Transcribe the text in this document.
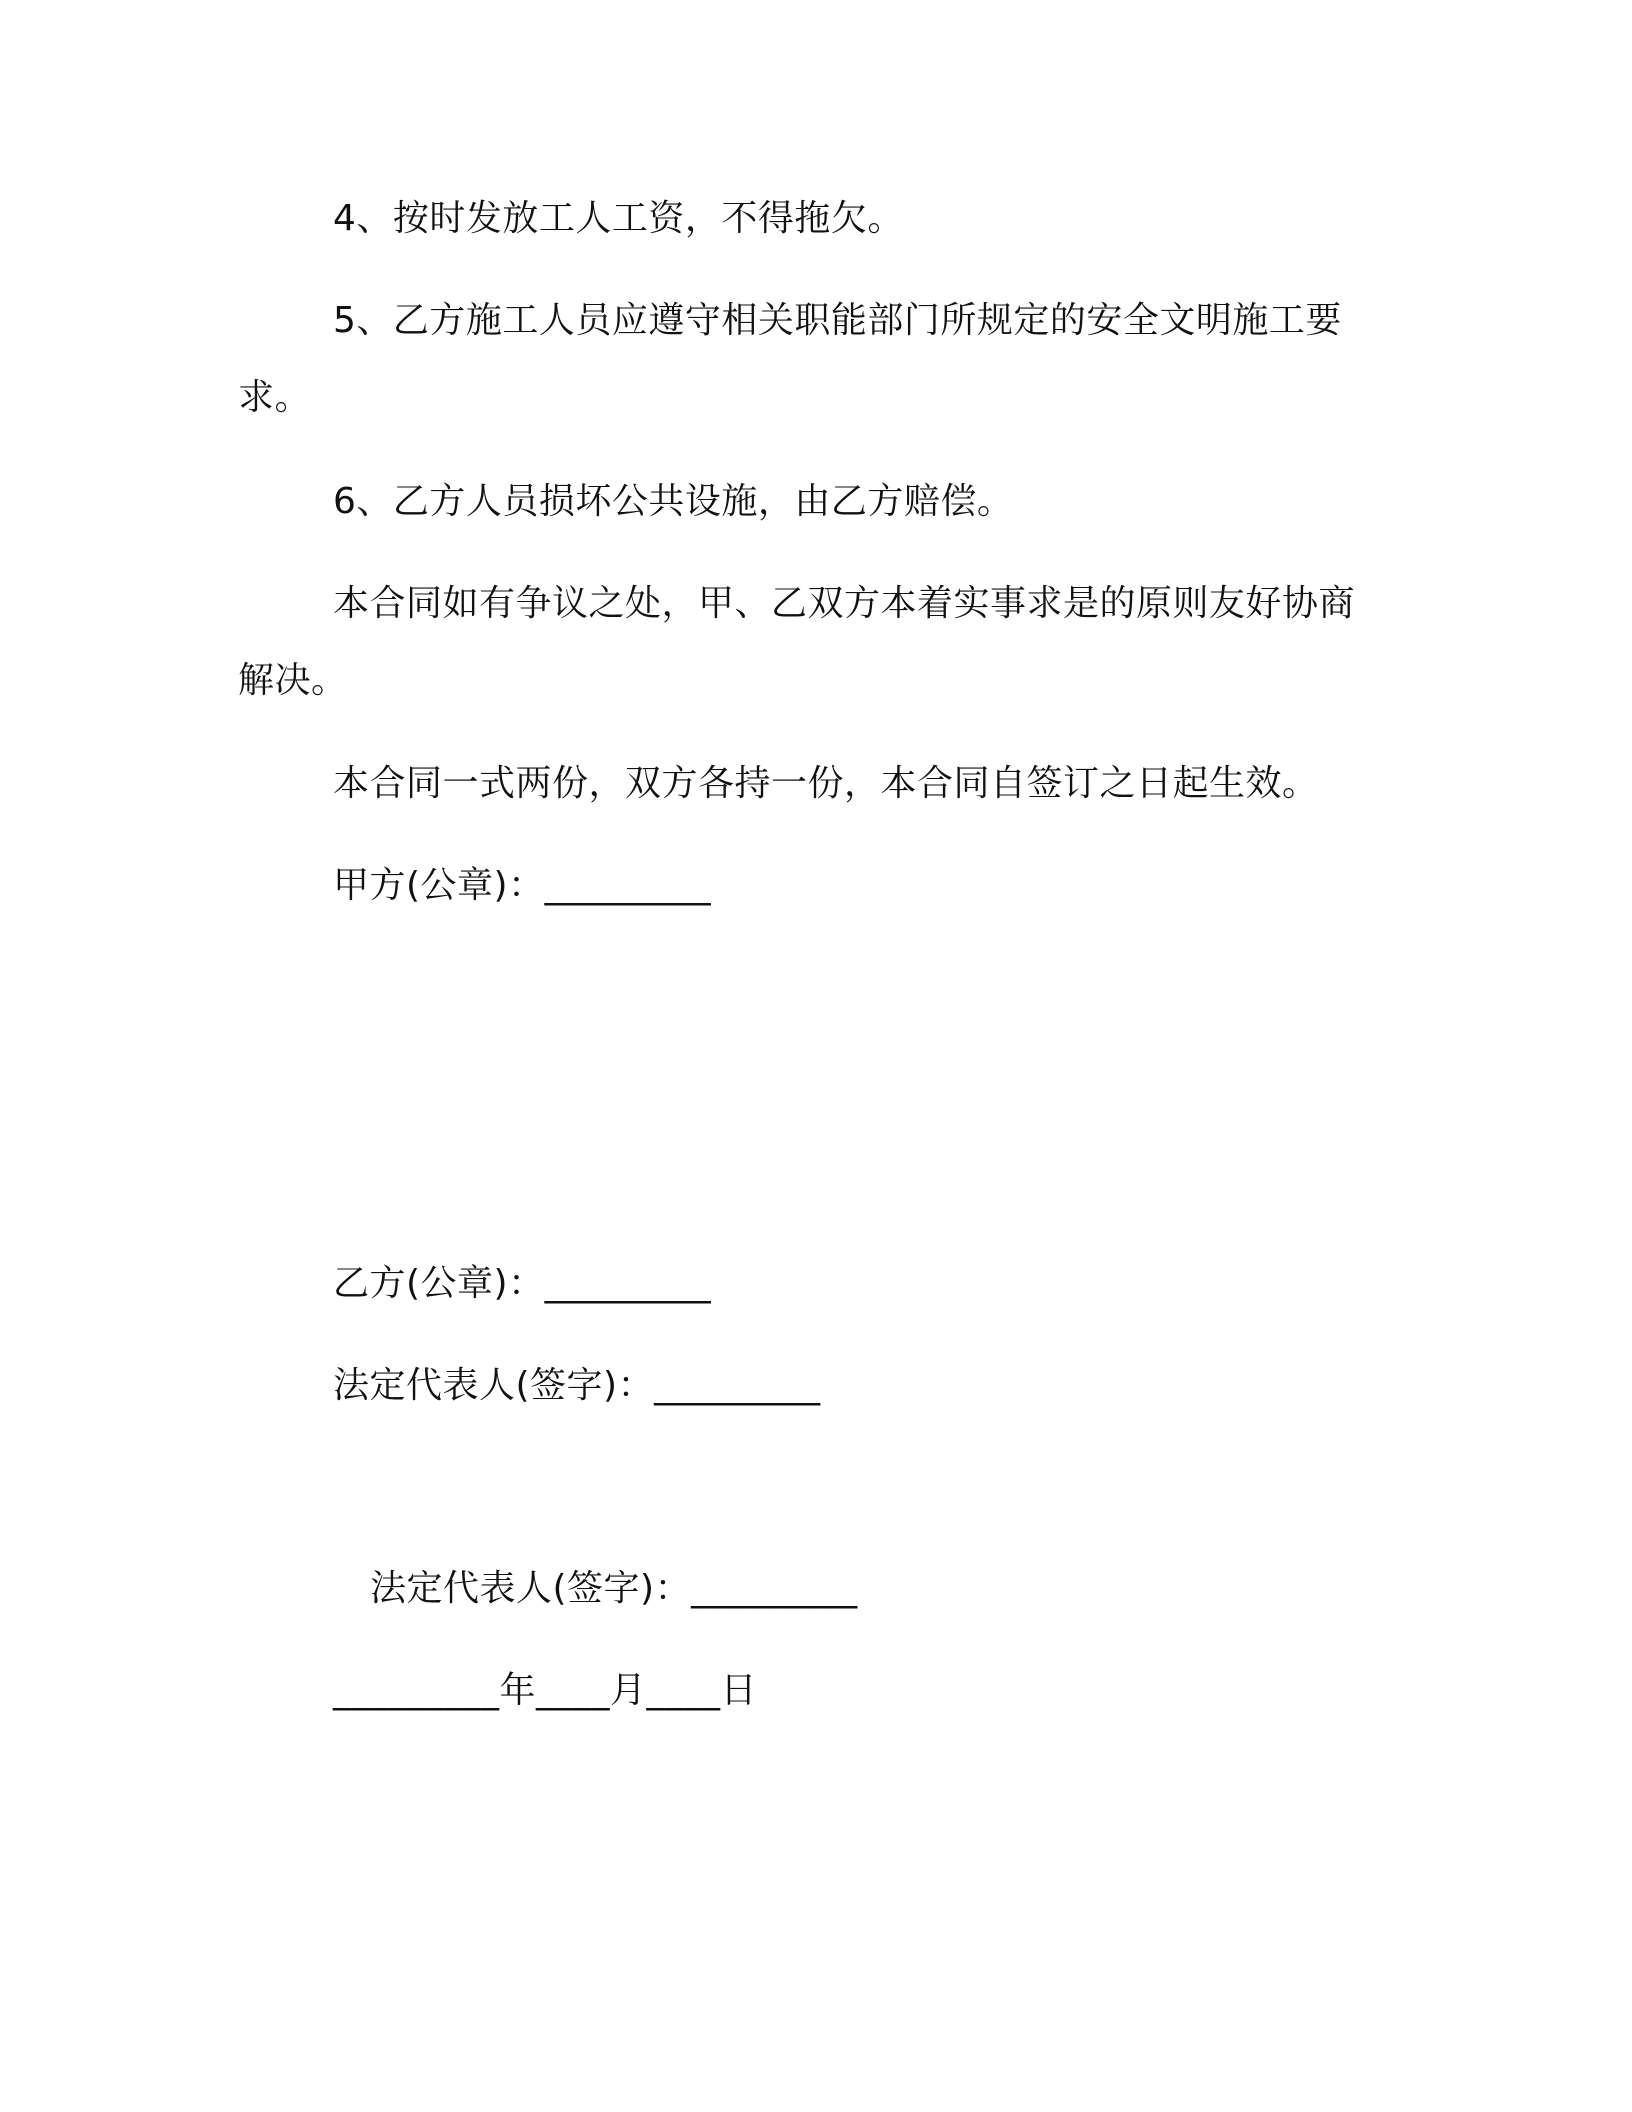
4、按时发放工人工资，不得拖欠。
5、乙方施工人员应遵守相关职能部门所规定的安全文明施工要
求。
6、乙方人员损坏公共设施，由乙方赔偿。
本合同如有争议之处，甲、乙双方本着实事求是的原则友好协商
解决。
本合同一式两份，双方各持一份，本合同自签订之日起生效。
甲方(公章)：_________
乙方(公章)：_________
法定代表人(签字)：_________
法定代表人(签字)：_________
_________年____月____日
